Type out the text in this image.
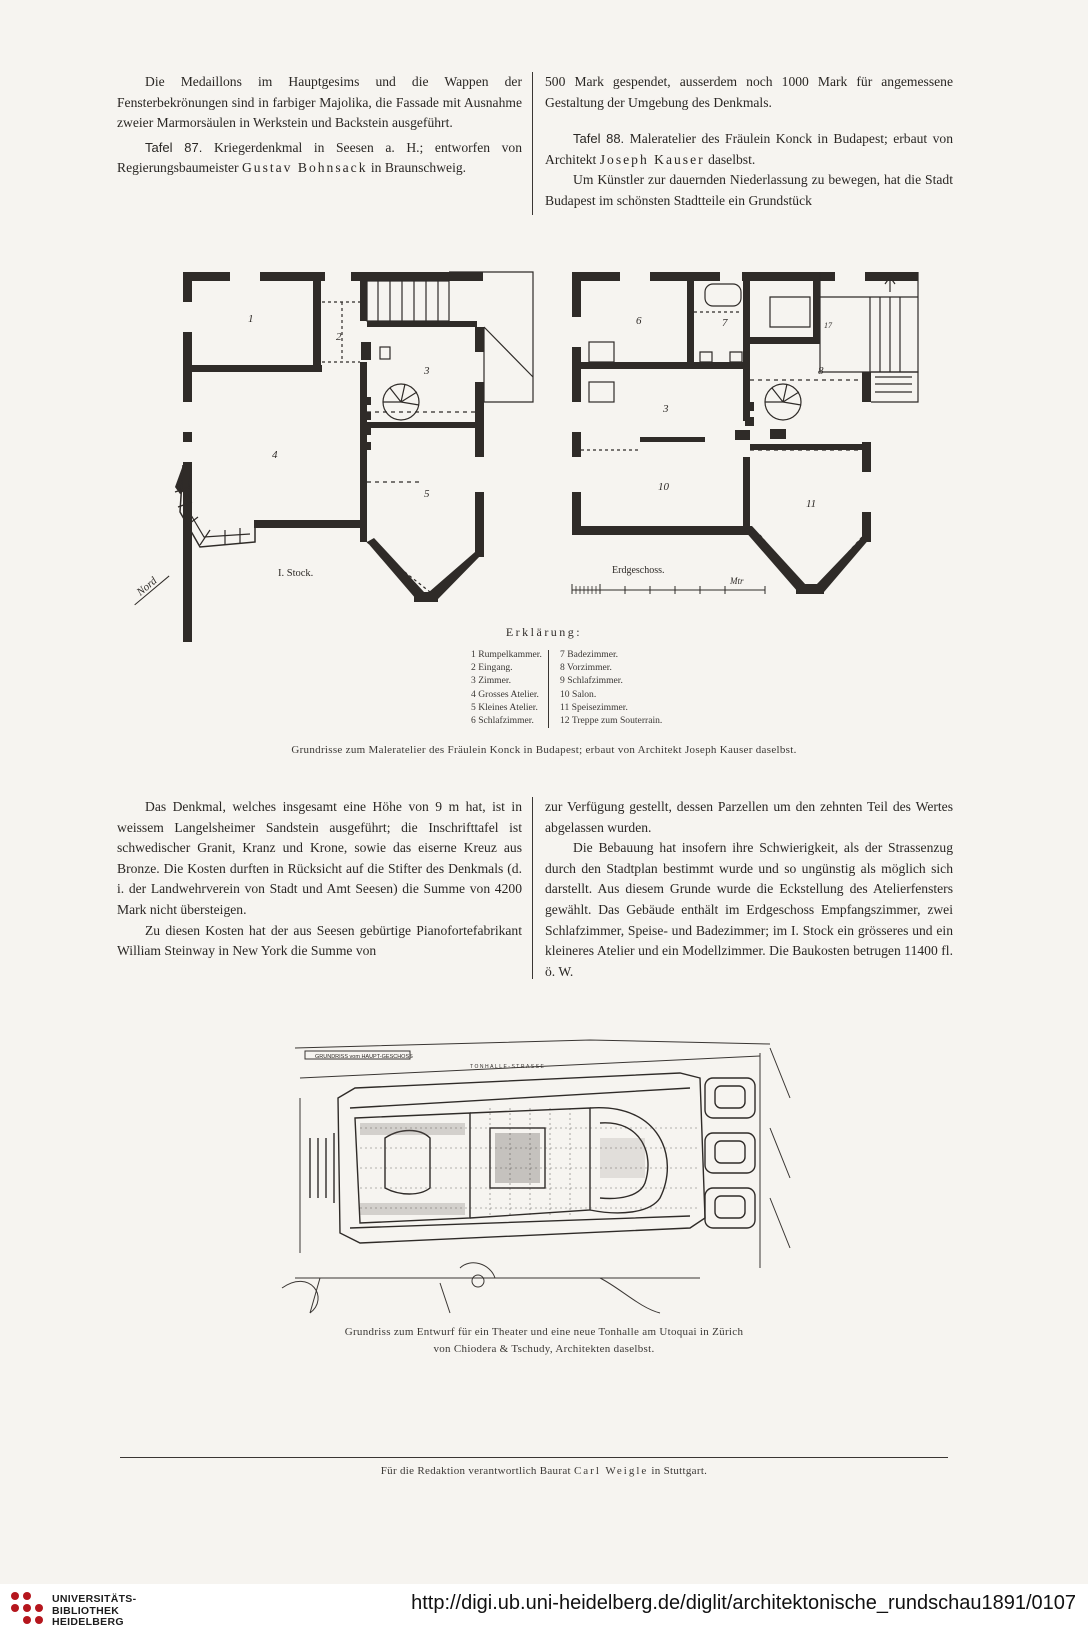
Die Medaillons im Hauptgesims und die Wappen der Fensterbekrönungen sind in farbiger Majolika, die Fassade mit Ausnahme zweier Marmorsäulen in Werkstein und Backstein ausgeführt.

Tafel 87. Kriegerdenkmal in Seesen a. H.; entworfen von Regierungsbaumeister Gustav Bohnsack in Braunschweig.

500 Mark gespendet, ausserdem noch 1000 Mark für angemessene Gestaltung der Umgebung des Denkmals.

Tafel 88. Maleratelier des Fräulein Konck in Budapest; erbaut von Architekt Joseph Kauser daselbst.

Um Künstler zur dauernden Niederlassung zu bewegen, hat die Stadt Budapest im schönsten Stadtteile ein Grundstück

1
2
3
4
5
I. Stock.
Nord
6	7
3
8
10
11
17
Erdgeschoss.
Mtr
Erklärung:
1 Rumpelkammer.
2 Eingang.
3 Zimmer.
4 Grosses Atelier.
5 Kleines Atelier.
6 Schlafzimmer.
7 Badezimmer.
8 Vorzimmer.
9 Schlafzimmer.
10 Salon.
11 Speisezimmer.
12 Treppe zum Souterrain.
Grundrisse zum Maleratelier des Fräulein Konck in Budapest; erbaut von Architekt Joseph Kauser daselbst.

Das Denkmal, welches insgesamt eine Höhe von 9 m hat, ist in weissem Langelsheimer Sandstein ausgeführt; die Inschrifttafel ist schwedischer Granit, Kranz und Krone, sowie das eiserne Kreuz aus Bronze. Die Kosten durften in Rücksicht auf die Stifter des Denkmals (d. i. der Landwehrverein von Stadt und Amt Seesen) die Summe von 4200 Mark nicht übersteigen.

Zu diesen Kosten hat der aus Seesen gebürtige Pianofortefabrikant William Steinway in New York die Summe von

zur Verfügung gestellt, dessen Parzellen um den zehnten Teil des Wertes abgelassen wurden.

Die Bebauung hat insofern ihre Schwierigkeit, als der Strassenzug durch den Stadtplan bestimmt wurde und so ungünstig als möglich sich darstellt. Aus diesem Grunde wurde die Eckstellung des Atelierfensters gewählt. Das Gebäude enthält im Erdgeschoss Empfangszimmer, zwei Schlafzimmer, Speise- und Badezimmer; im I. Stock ein grösseres und ein kleineres Atelier und ein Modellzimmer. Die Baukosten betrugen 11400 fl. ö. W.

GRUNDRISS vom HAUPT-GESCHOSS
TONHALLE-STRASSE
Grundriss zum Entwurf für ein Theater und eine neue Tonhalle am Utoquai in Zürich
von Chiodera & Tschudy, Architekten daselbst.
Für die Redaktion verantwortlich Baurat Carl Weigle in Stuttgart.
UNIVERSITÄTS-
BIBLIOTHEK
HEIDELBERG
http://digi.ub.uni-heidelberg.de/diglit/architektonische_rundschau1891/0107
